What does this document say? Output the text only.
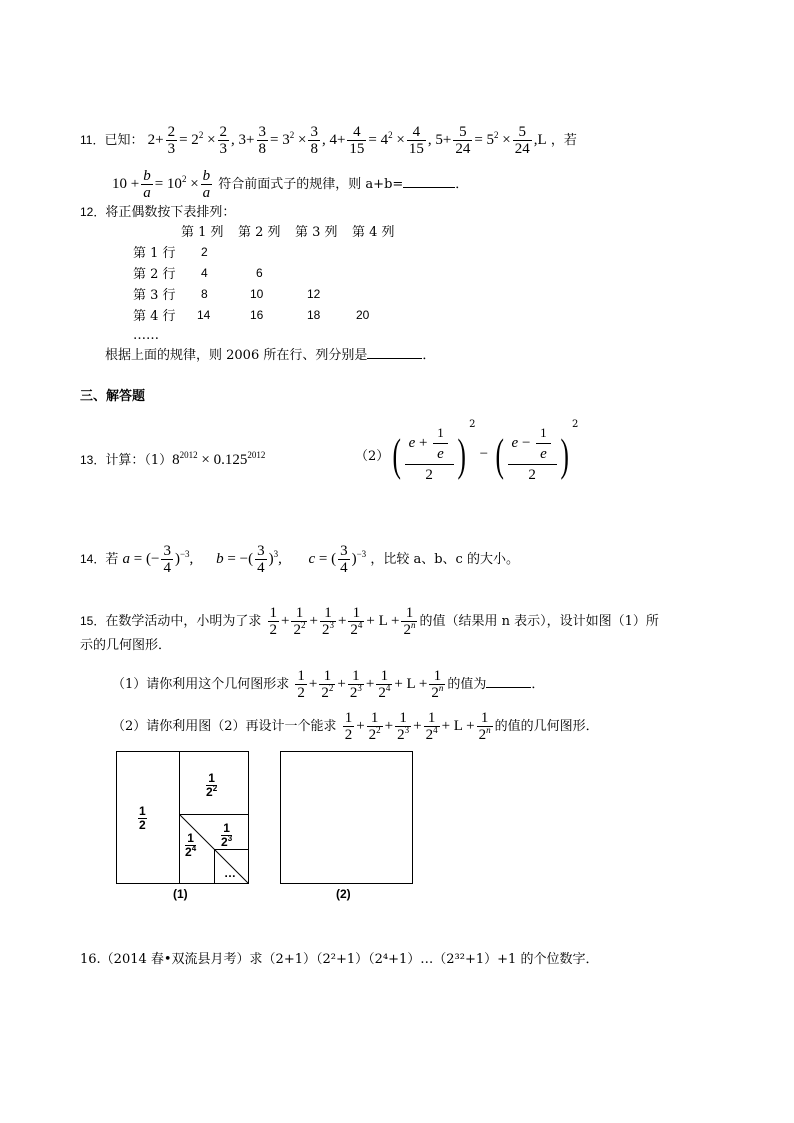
11．已知： $2+ \frac{2}{3} = 2^2 \times \frac{2}{3}$ , $3+ \frac{3}{8} = 3^2 \times \frac{3}{8}$ , $4+ \frac{4}{15} = 4^2 \times \frac{4}{15}$ , $5+ \frac{5}{24} = 5^2 \times \frac{5}{24} ,L$ ，若
$10 + \frac{b}{a} = 10^2 \times \frac{b}{a}$ 符合前面式子的规律，则 a+b=	．
12．将正偶数按下表排列：
	第 1 列	第 2 列	第 3 列	第 4 列
第 1 行	2			
第 2 行	4	6		
第 3 行	8	10	12	
第 4 行	14	16	18	20
……				
根据上面的规律，则 2006 所在行、列分别是	．
三、解答题
13．计算：$(1)8^{2012} \times 0.125^{2012}$	$(2)( \frac{e + \frac{1}{e}}{2} )^2$ − ( $\frac{e - \frac{1}{e}}{2} )^2$
14．若 a = (− $\frac{3}{4} )^{-3}$,      b = −( $\frac{3}{4} )^3$,       c = ( $\frac{3}{4} )^{-3}$ ，比较 a、b、c 的大小。
15．在数学活动中，小明为了求 $\frac{1}{2} + \frac{1}{2^2} + \frac{1}{2^3} + \frac{1}{2^4} + L + \frac{1}{2^n}$ 的值（结果用 n 表示），设计如图（1）所
示的几何图形．
（1）请你利用这个几何图形求 $\frac{1}{2} + \frac{1}{2^2} + \frac{1}{2^3} + \frac{1}{2^4} + L + \frac{1}{2^n}$ 的值为	．
（2）请你利用图（2）再设计一个能求 $\frac{1}{2} + \frac{1}{2^2} + \frac{1}{2^3} + \frac{1}{2^4} + L + \frac{1}{2^n}$ 的值的几何图形．
1
2
1
$2^2$
1
$2^3$
1
$2^4$
…
(1)	(2)
16.（2014 春•双流县月考）求（2+1）（2²+1）（2⁴+1）…（2³²+1）+1 的个位数字．
